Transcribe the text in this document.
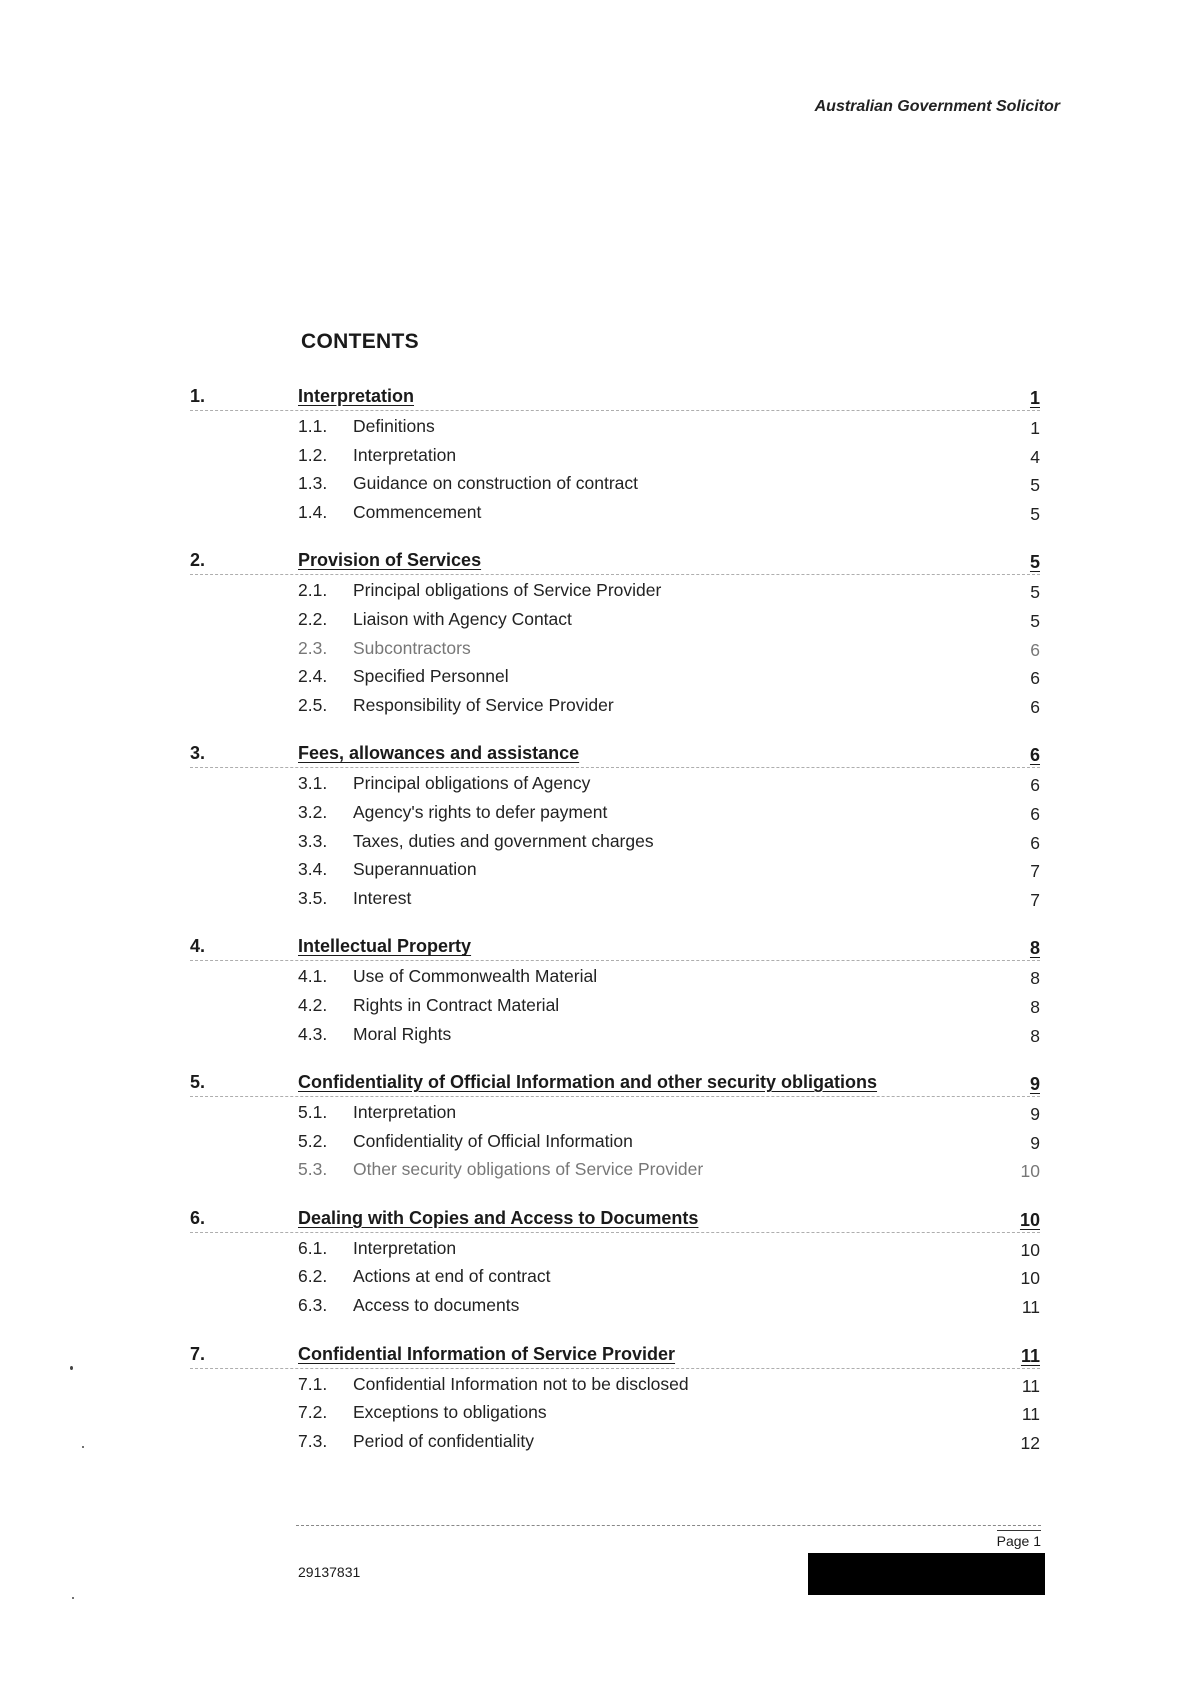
Australian Government Solicitor
CONTENTS
1.	Interpretation	1
1.1. Definitions	1
1.2. Interpretation	4
1.3. Guidance on construction of contract	5
1.4. Commencement	5
2.	Provision of Services	5
2.1. Principal obligations of Service Provider	5
2.2. Liaison with Agency Contact	5
2.3. Subcontractors	6
2.4. Specified Personnel	6
2.5. Responsibility of Service Provider	6
3.	Fees, allowances and assistance	6
3.1. Principal obligations of Agency	6
3.2. Agency's rights to defer payment	6
3.3. Taxes, duties and government charges	6
3.4. Superannuation	7
3.5. Interest	7
4.	Intellectual Property	8
4.1. Use of Commonwealth Material	8
4.2. Rights in Contract Material	8
4.3. Moral Rights	8
5.	Confidentiality of Official Information and other security obligations	9
5.1. Interpretation	9
5.2. Confidentiality of Official Information	9
5.3. Other security obligations of Service Provider	10
6.	Dealing with Copies and Access to Documents	10
6.1. Interpretation	10
6.2. Actions at end of contract	10
6.3. Access to documents	11
7.	Confidential Information of Service Provider	11
7.1. Confidential Information not to be disclosed	11
7.2. Exceptions to obligations	11
7.3. Period of confidentiality	12
Page 1
29137831
